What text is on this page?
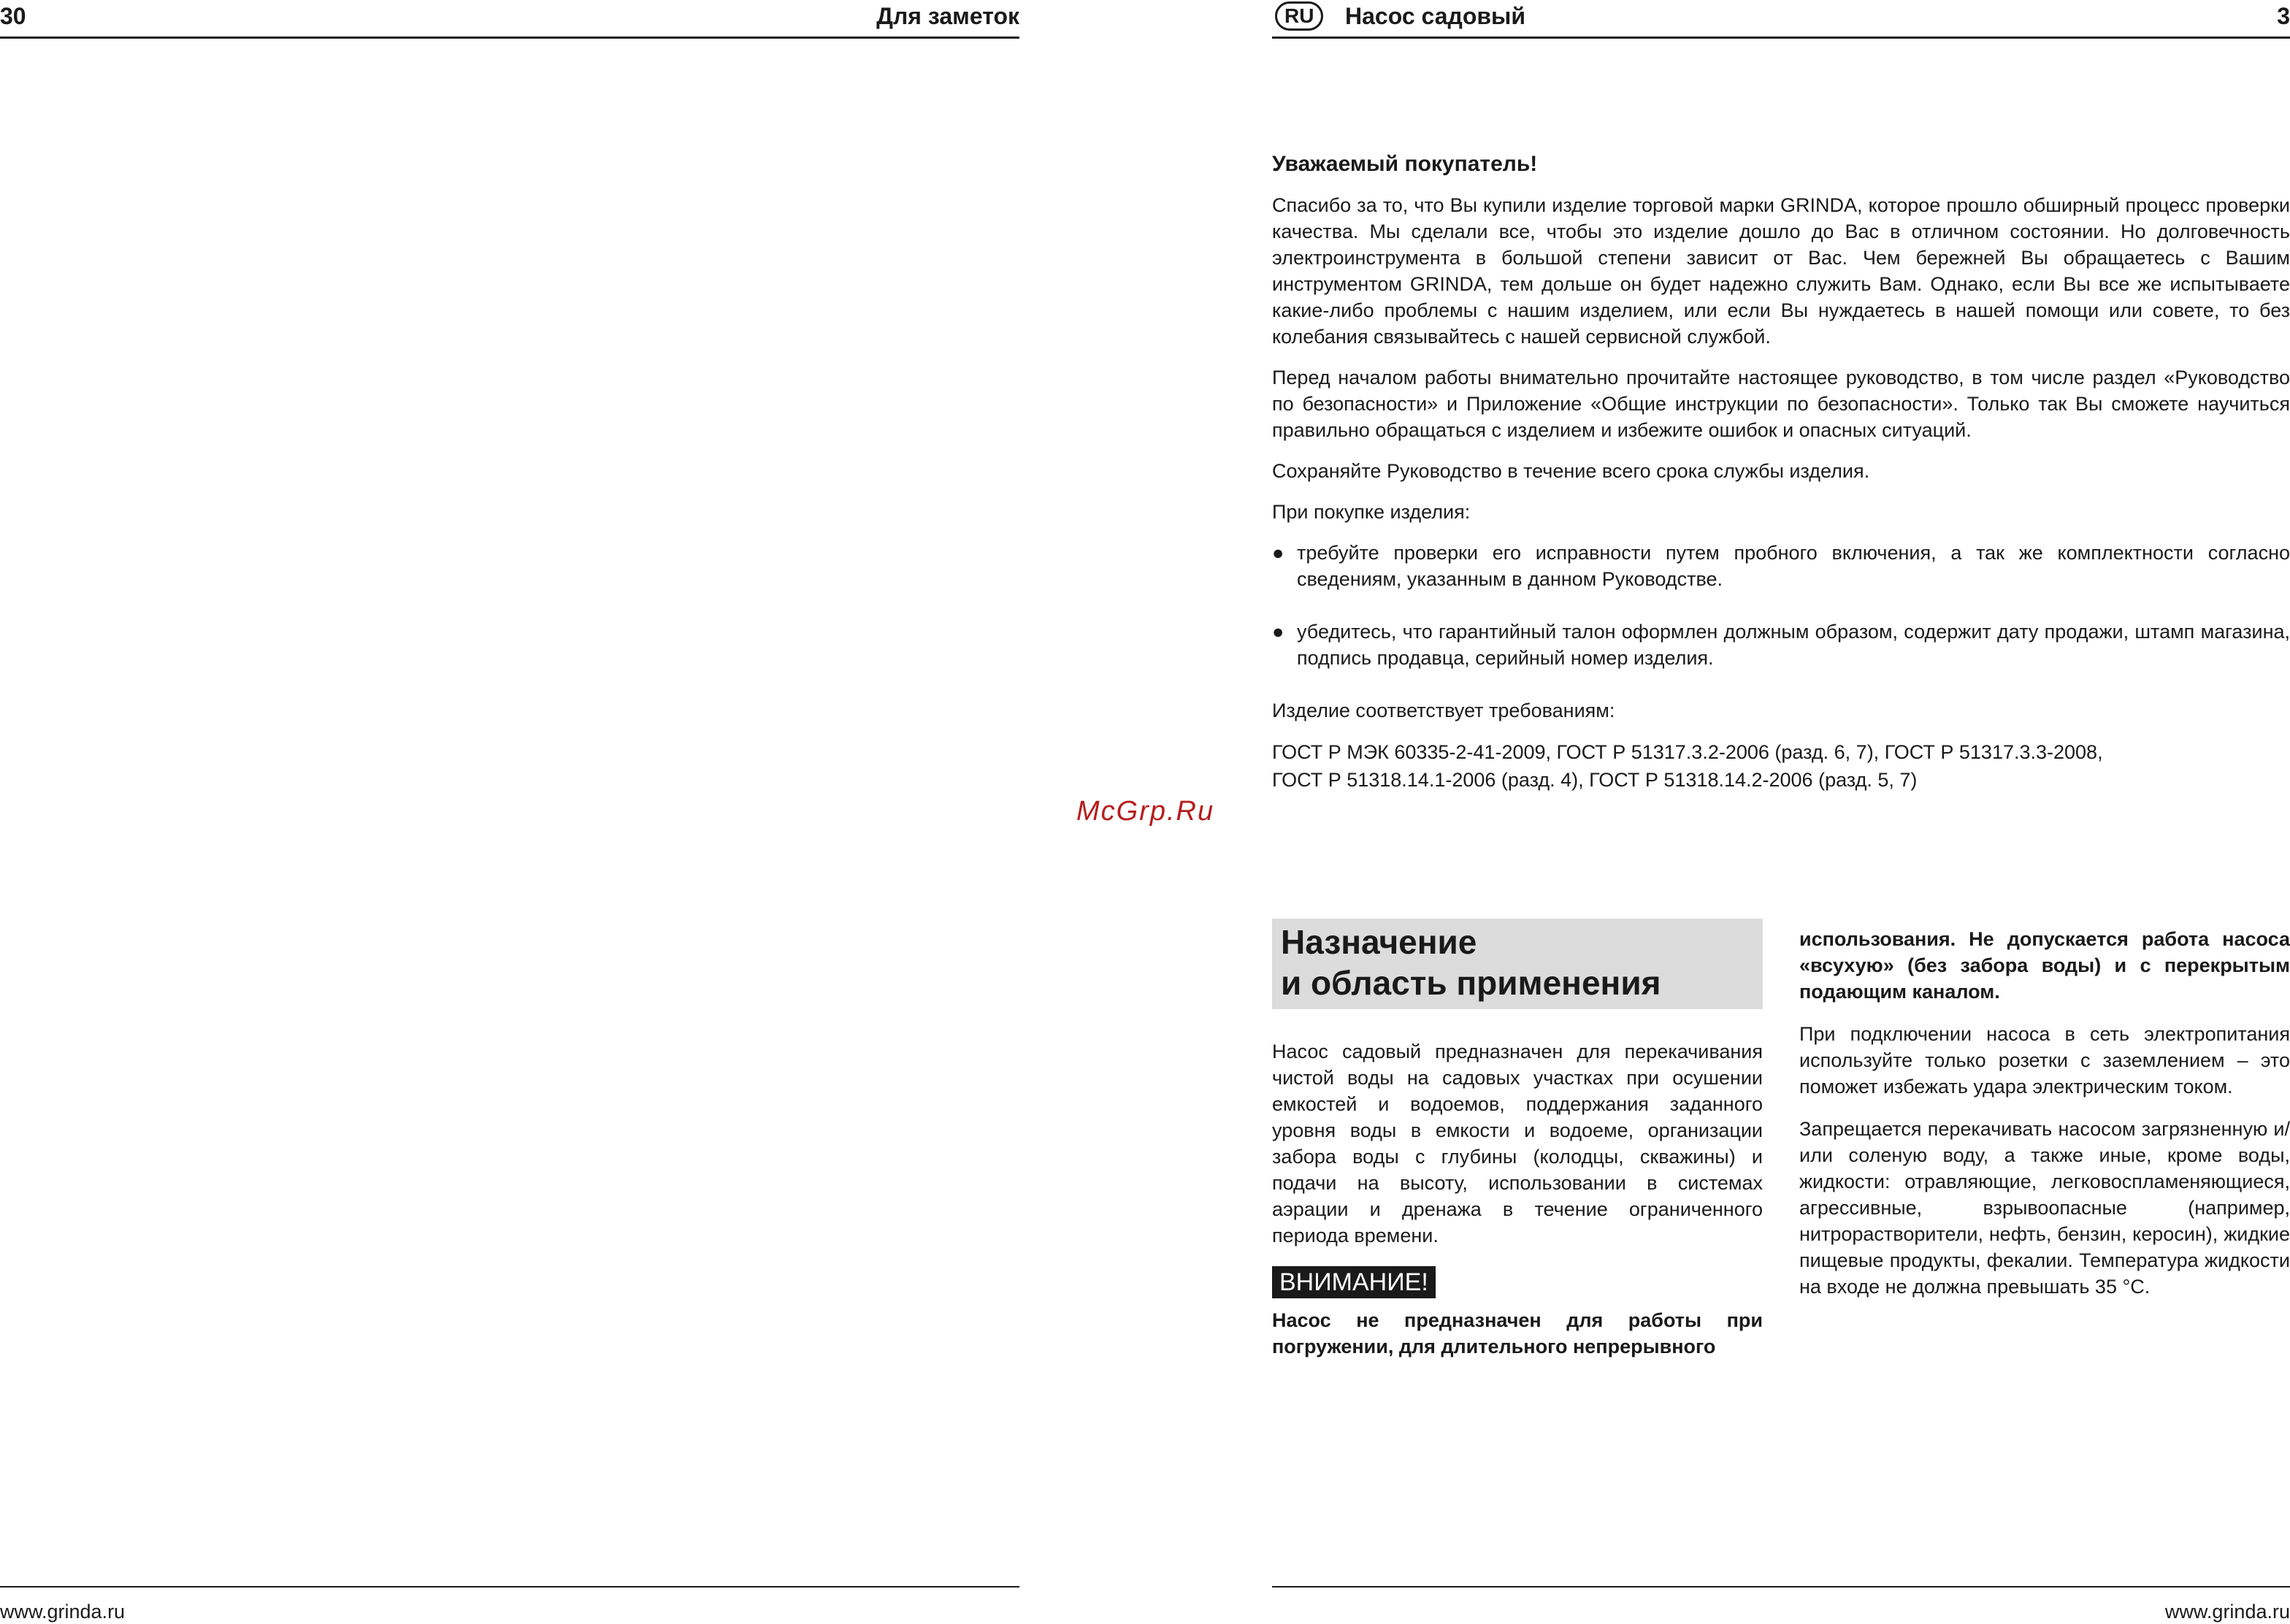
30	Для заметок
www.grinda.ru
McGrp.Ru
RU	Насос садовый	3
Уважаемый покупатель!

Спасибо за то, что Вы купили изделие торговой марки GRINDA, которое прошло обширный процесс проверки качества. Мы сделали все, чтобы это изделие дошло до Вас в отличном состоянии. Но долговечность электроинструмента в большой степени зависит от Вас. Чем бережней Вы обращаетесь с Вашим инструментом GRINDA, тем дольше он будет надежно служить Вам. Однако, если Вы все же испытываете какие-либо проблемы с нашим изделием, или если Вы нуждаетесь в нашей помощи или совете, то без колебания связывайтесь с нашей сервисной службой.

Перед началом работы внимательно прочитайте настоящее руководство, в том числе раздел «Руководство по безопасности» и Приложение «Общие инструкции по безопасности». Только так Вы сможете научиться правильно обращаться с изделием и избежите ошибок и опасных ситуаций.

Сохраняйте Руководство в течение всего срока службы изделия.

При покупке изделия:

● требуйте проверки его исправности путем пробного включения, а так же комплектности согласно сведениям, указанным в данном Руководстве.
● убедитесь, что гарантийный талон оформлен должным образом, содержит дату продажи, штамп магазина, подпись продавца, серийный номер изделия.

Изделие соответствует требованиям:

ГОСТ Р МЭК 60335-2-41-2009, ГОСТ Р 51317.3.2-2006 (разд. 6, 7), ГОСТ Р 51317.3.3-2008,
ГОСТ Р 51318.14.1-2006 (разд. 4), ГОСТ Р 51318.14.2-2006 (разд. 5, 7)
Назначение
и область применения

Насос садовый предназначен для перекачивания чистой воды на садовых участках при осушении емкостей и водоемов, поддержания заданного уровня воды в емкости и водоеме, организации забора воды с глубины (колодцы, скважины) и подачи на высоту, использовании в системах аэрации и дренажа в течение ограниченного периода времени.

ВНИМАНИЕ!

Насос не предназначен для работы при погружении, для длительного непрерывного

использования. Не допускается работа насоса «всухую» (без забора воды) и с перекрытым подающим каналом.

При подключении насоса в сеть электропитания используйте только розетки с заземлением – это поможет избежать удара электрическим током.

Запрещается перекачивать насосом загрязненную и/или соленую воду, а также иные, кроме воды, жидкости: отравляющие, легковоспламеняющиеся, агрессивные, взрывоопасные (например, нитрорастворители, нефть, бензин, керосин), жидкие пищевые продукты, фекалии. Температура жидкости на входе не должна превышать 35 °С.

www.grinda.ru
